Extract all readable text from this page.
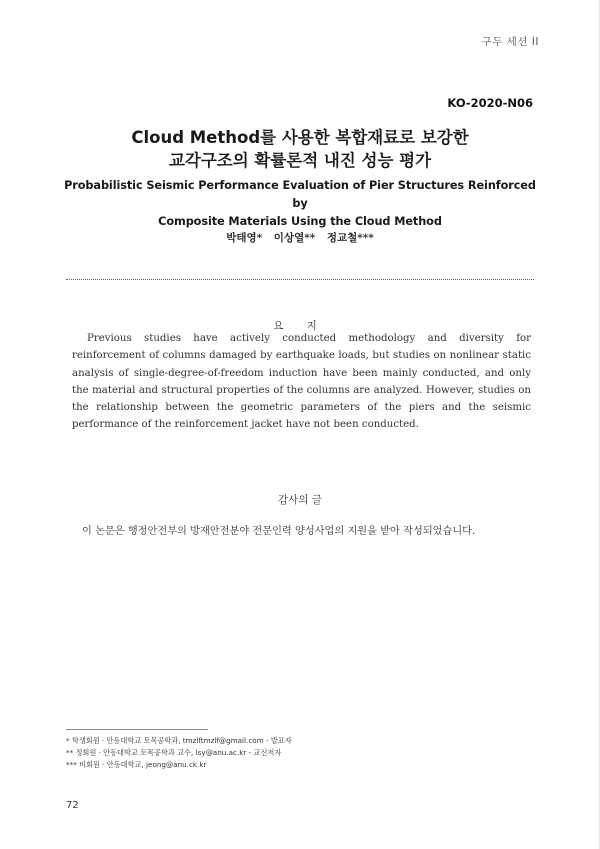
구두 세션 II
KO-2020-N06
Cloud Method를 사용한 복합재료로 보강한
교각구조의 확률론적 내진 성능 평가
Probabilistic Seismic Performance Evaluation of Pier Structures Reinforced by
Composite Materials Using the Cloud Method
박태영* 이상열** 정교철***
요 지

Previous studies have actively conducted methodology and diversity for reinforcement of columns damaged by earthquake loads, but studies on nonlinear static analysis of single-degree-of-freedom induction have been mainly conducted, and only the material and structural properties of the columns are analyzed. However, studies on the relationship between the geometric parameters of the piers and the seismic performance of the reinforcement jacket have not been conducted.

감사의 글

이 논문은 행정안전부의 방재안전분야 전문인력 양성사업의 지원을 받아 작성되었습니다.

* 학생회원 · 안동대학교 토목공학과, tmzlftmzlf@gmail.com - 발표자
** 정회원 · 안동대학교 토목공학과 교수, lsy@anu.ac.kr - 교신저자
*** 비회원 · 안동대학교, jeong@anu.ck.kr
72
